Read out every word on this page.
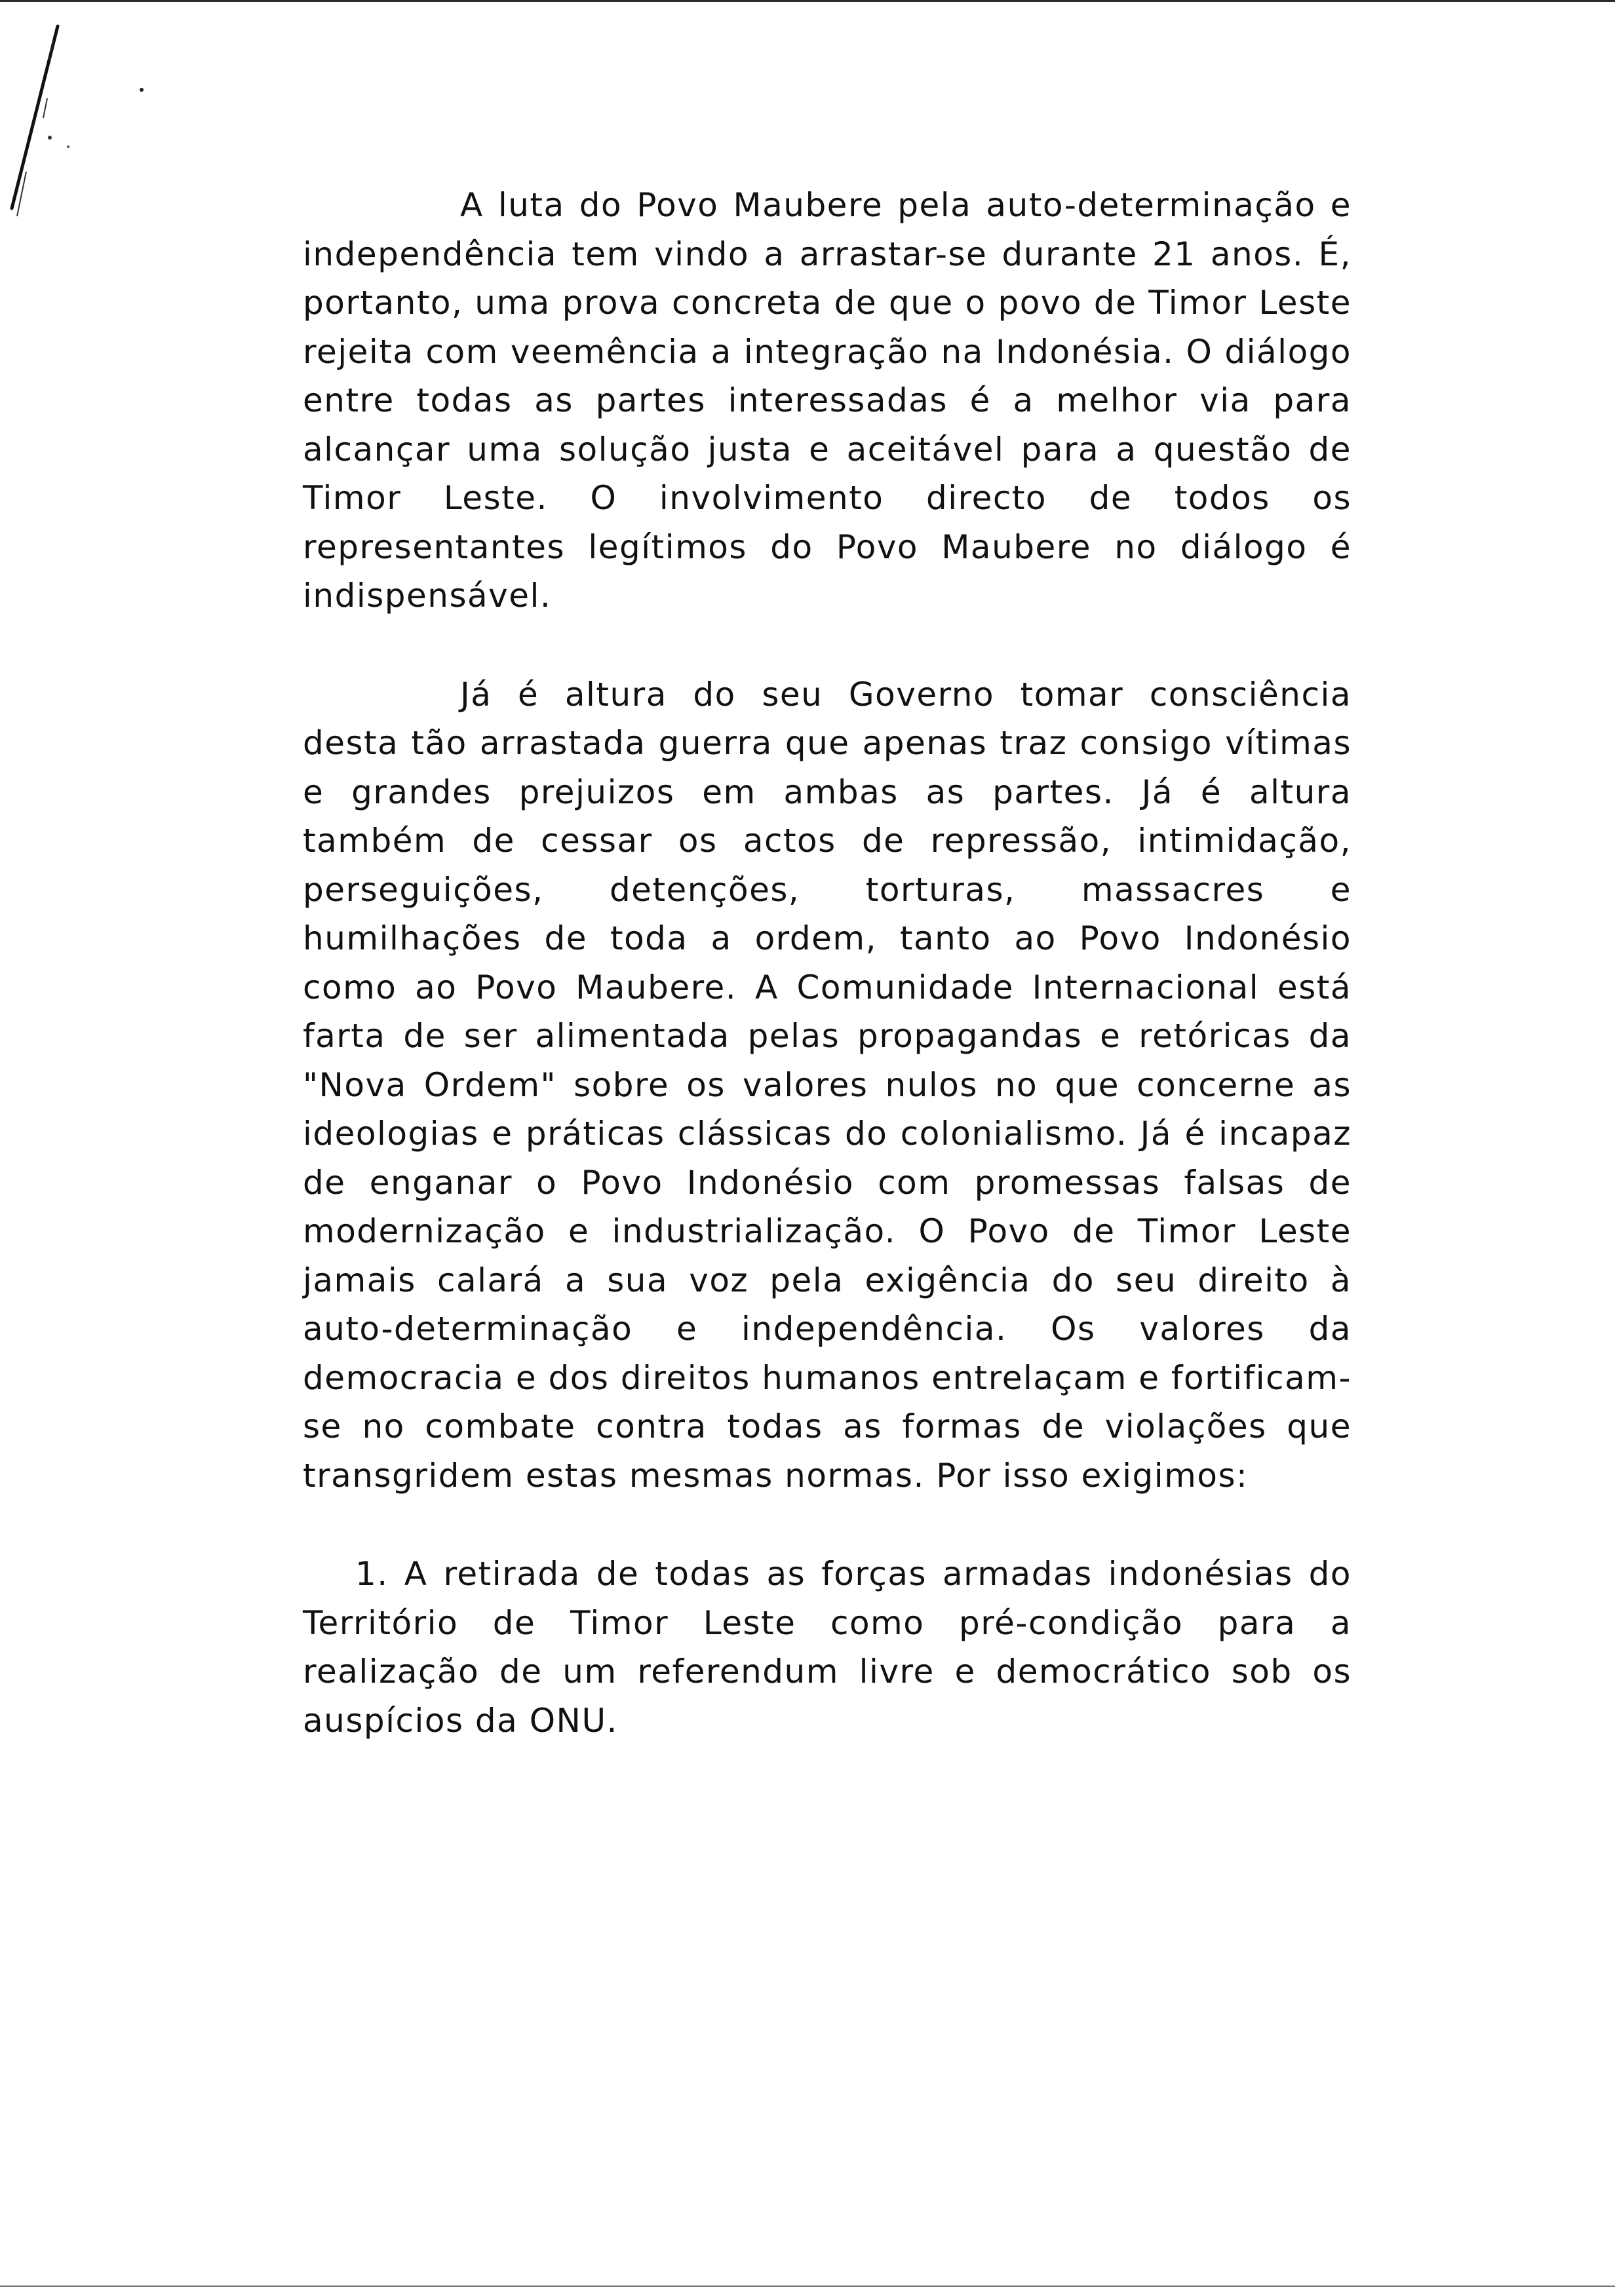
A luta do Povo Maubere pela auto-determinação e independência tem vindo a arrastar-se durante 21 anos. É, portanto, uma prova concreta de que o povo de Timor Leste rejeita com veemência a integração na Indonésia. O diálogo entre todas as partes interessadas é a melhor via para alcançar uma solução justa e aceitável para a questão de Timor Leste. O involvimento directo de todos os representantes legítimos do Povo Maubere no diálogo é indispensável.

Já é altura do seu Governo tomar consciência desta tão arrastada guerra que apenas traz consigo vítimas e grandes prejuizos em ambas as partes. Já é altura também de cessar os actos de repressão, intimidação, perseguições, detenções, torturas, massacres e humilhações de toda a ordem, tanto ao Povo Indonésio como ao Povo Maubere. A Comunidade Internacional está farta de ser alimentada pelas propagandas e retóricas da "Nova Ordem" sobre os valores nulos no que concerne as ideologias e práticas clássicas do colonialismo. Já é incapaz de enganar o Povo Indonésio com promessas falsas de modernização e industrialização. O Povo de Timor Leste jamais calará a sua voz pela exigência do seu direito à auto-determinação e independência. Os valores da democracia e dos direitos humanos entrelaçam e fortificam-se no combate contra todas as formas de violações que transgridem estas mesmas normas. Por isso exigimos:

1. A retirada de todas as forças armadas indonésias do Território de Timor Leste como pré-condição para a realização de um referendum livre e democrático sob os auspícios da ONU.
